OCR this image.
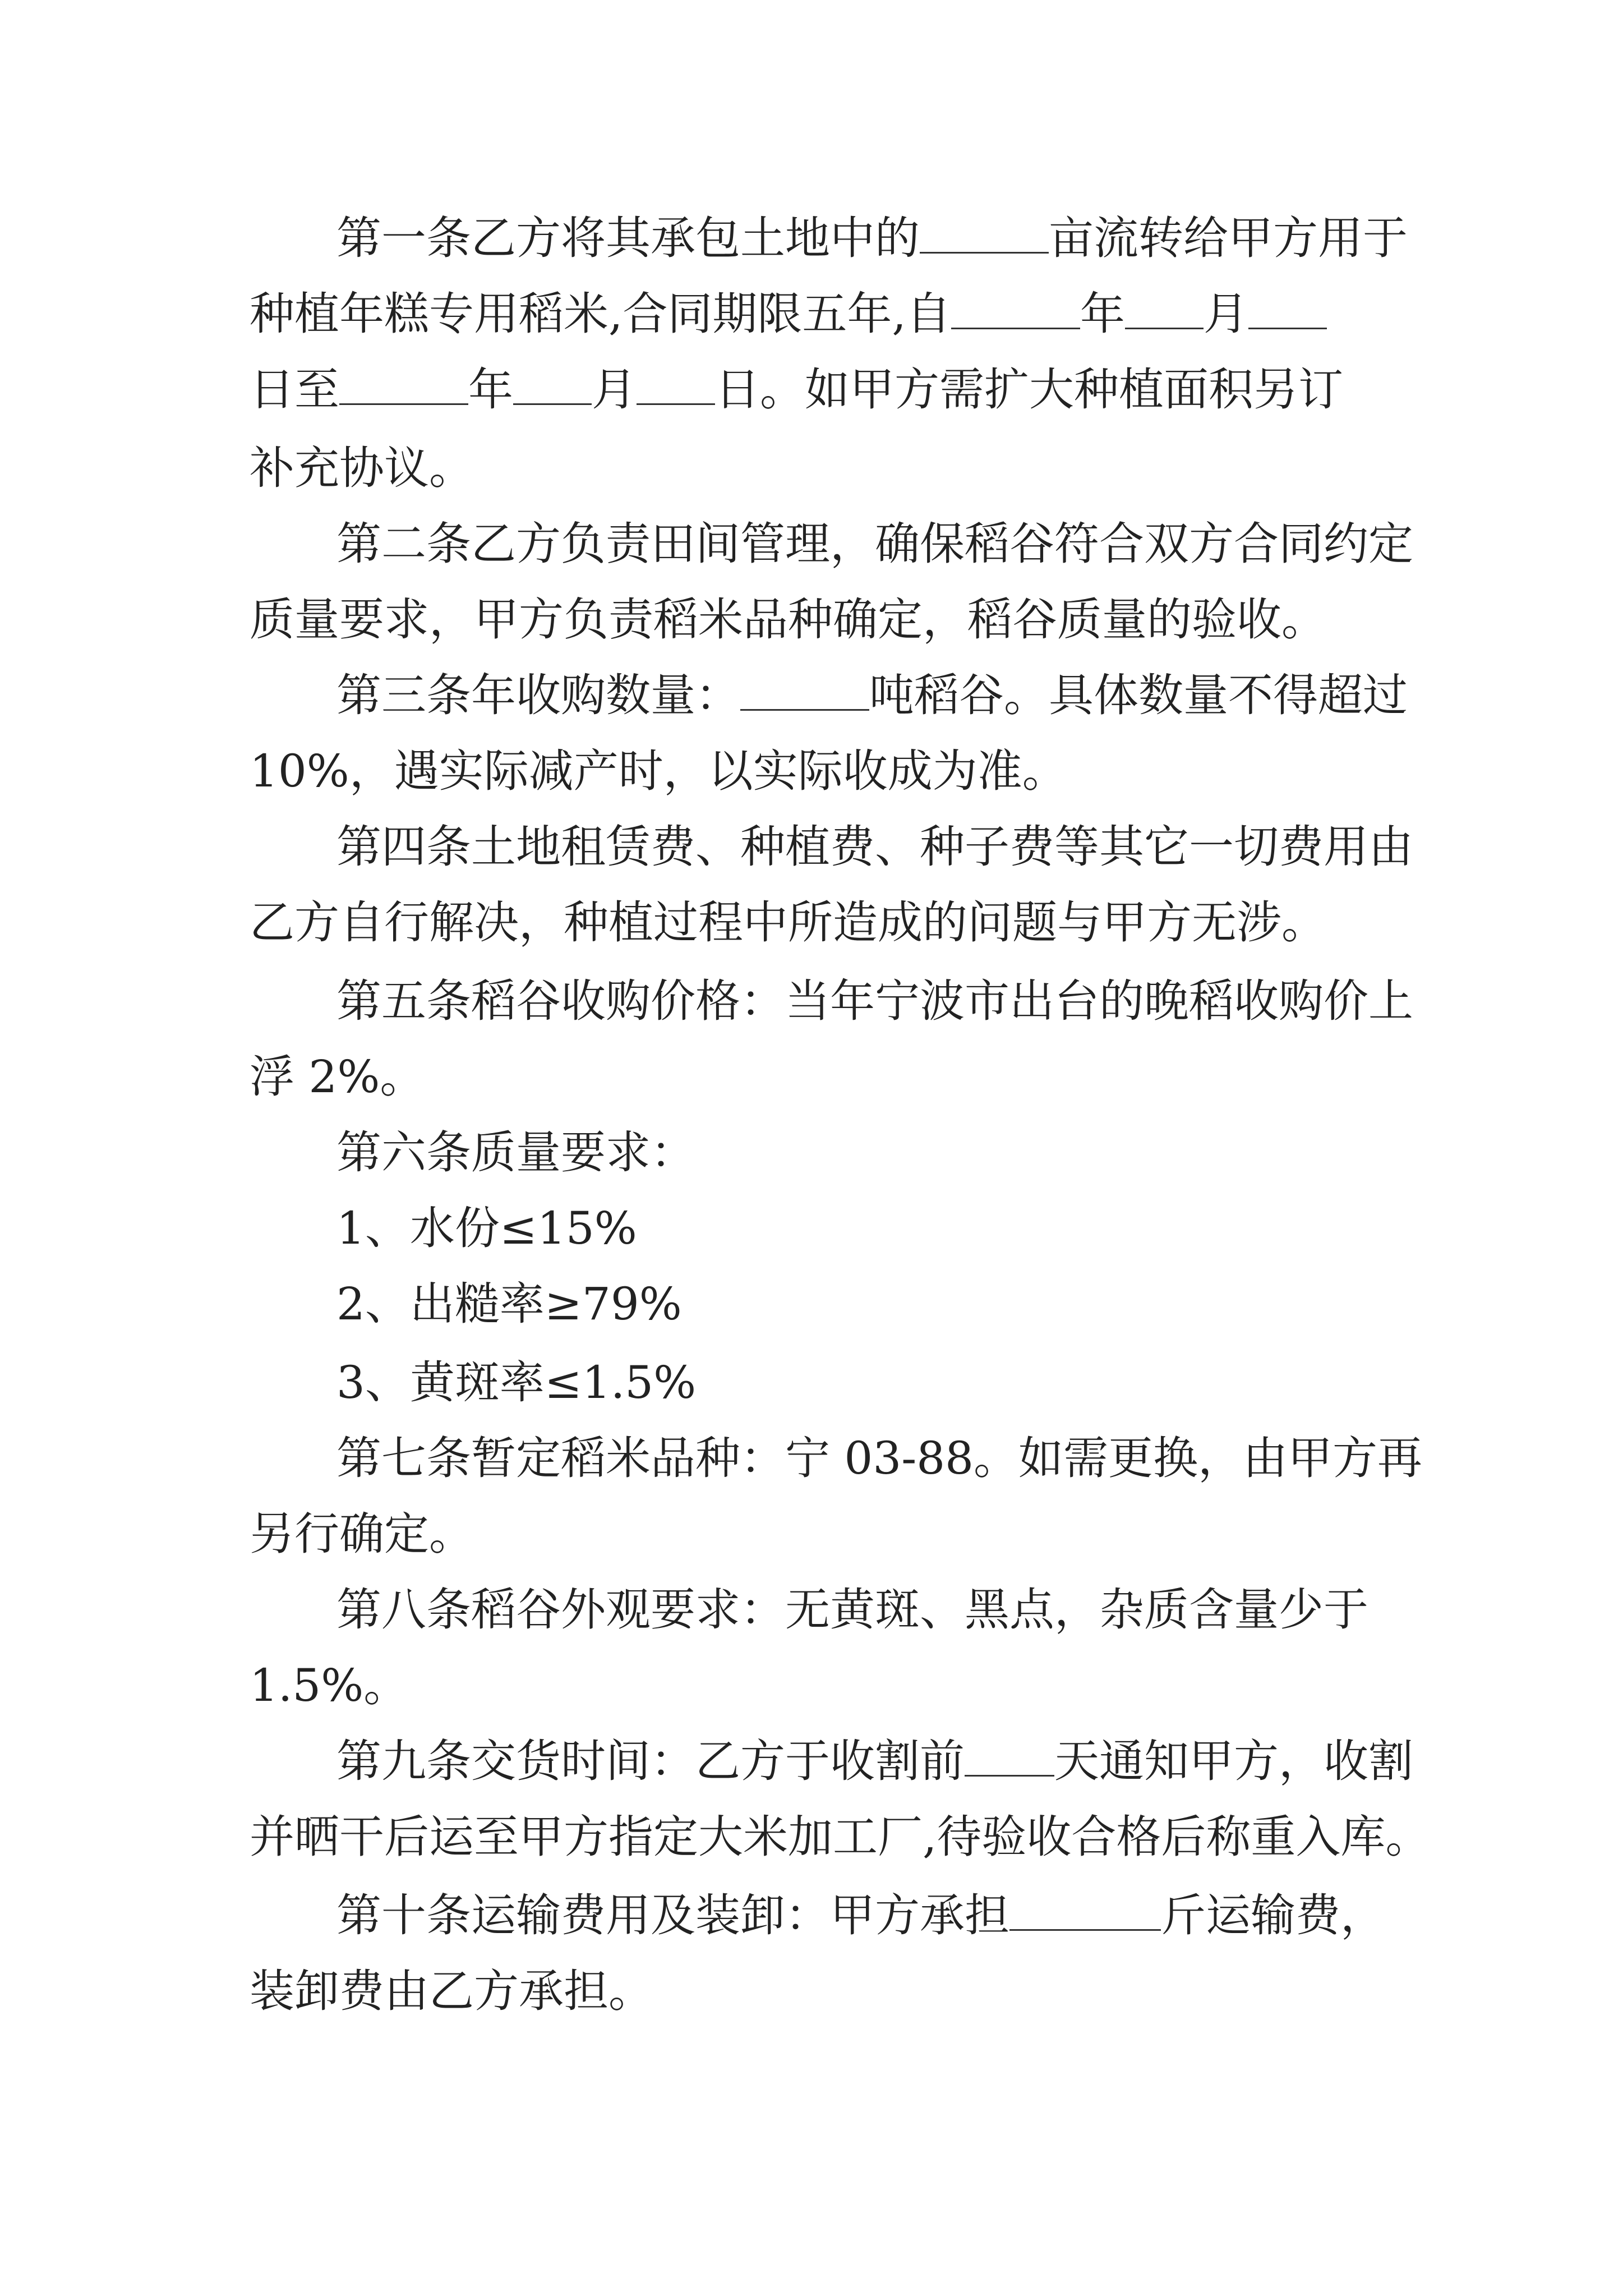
第一条乙方将其承包土地中的	亩流转给甲方用于
种植年糕专用稻米,合同期限五年,自	年 月
日至	年 月 日。如甲方需扩大种植面积另订
补充协议。
第二条乙方负责田间管理，确保稻谷符合双方合同约定
质量要求，甲方负责稻米品种确定，稻谷质量的验收。
第三条年收购数量：	吨稻谷。具体数量不得超过
10%，遇实际减产时，以实际收成为准。
第四条土地租赁费、种植费、种子费等其它一切费用由
乙方自行解决，种植过程中所造成的问题与甲方无涉。
第五条稻谷收购价格：当年宁波市出台的晚稻收购价上
浮 2%。
第六条质量要求：
1、水份≤15%
2、出糙率≥79%
3、黄斑率≤1.5%
第七条暂定稻米品种：宁 03-88。如需更换，由甲方再
另行确定。
第八条稻谷外观要求：无黄斑、黑点，杂质含量少于
1.5%。
第九条交货时间：乙方于收割前 天通知甲方，收割
并晒干后运至甲方指定大米加工厂,待验收合格后称重入库。
第十条运输费用及装卸：甲方承担	斤运输费，
装卸费由乙方承担。
